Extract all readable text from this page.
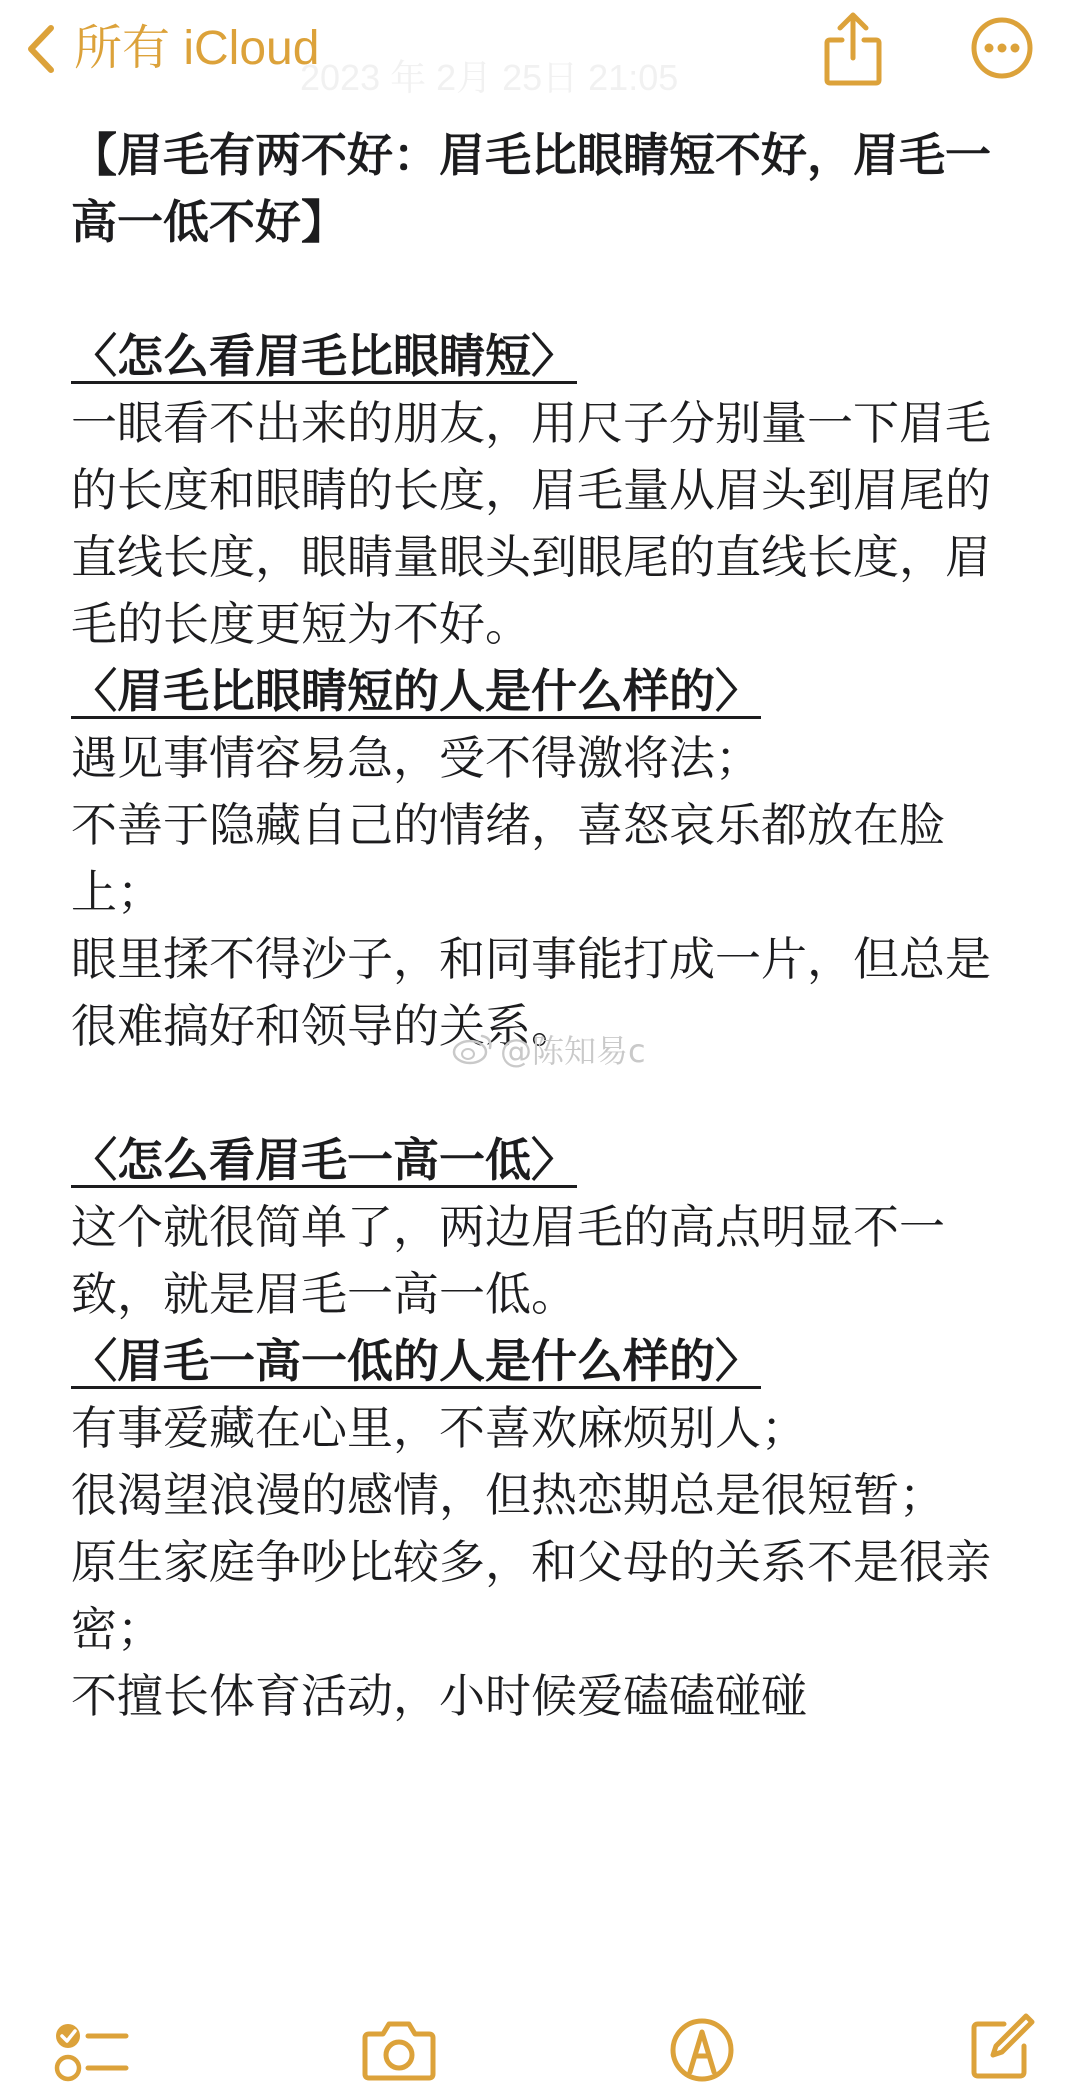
所有 iCloud
2023 年 2月 25日 21:05

【眉毛有两不好：眉毛比眼睛短不好，眉毛一高一低不好】

〈怎么看眉毛比眼睛短〉

一眼看不出来的朋友，用尺子分别量一下眉毛的长度和眼睛的长度，眉毛量从眉头到眉尾的直线长度，眼睛量眼头到眼尾的直线长度，眉毛的长度更短为不好。

〈眉毛比眼睛短的人是什么样的〉

遇见事情容易急，受不得激将法；

不善于隐藏自己的情绪，喜怒哀乐都放在脸上；

眼里揉不得沙子，和同事能打成一片，但总是很难搞好和领导的关系。

〈怎么看眉毛一高一低〉

这个就很简单了，两边眉毛的高点明显不一致，就是眉毛一高一低。

〈眉毛一高一低的人是什么样的〉

有事爱藏在心里，不喜欢麻烦别人；

很渴望浪漫的感情，但热恋期总是很短暂；

原生家庭争吵比较多，和父母的关系不是很亲密；

不擅长体育活动，小时候爱磕磕碰碰

@陈知易c
